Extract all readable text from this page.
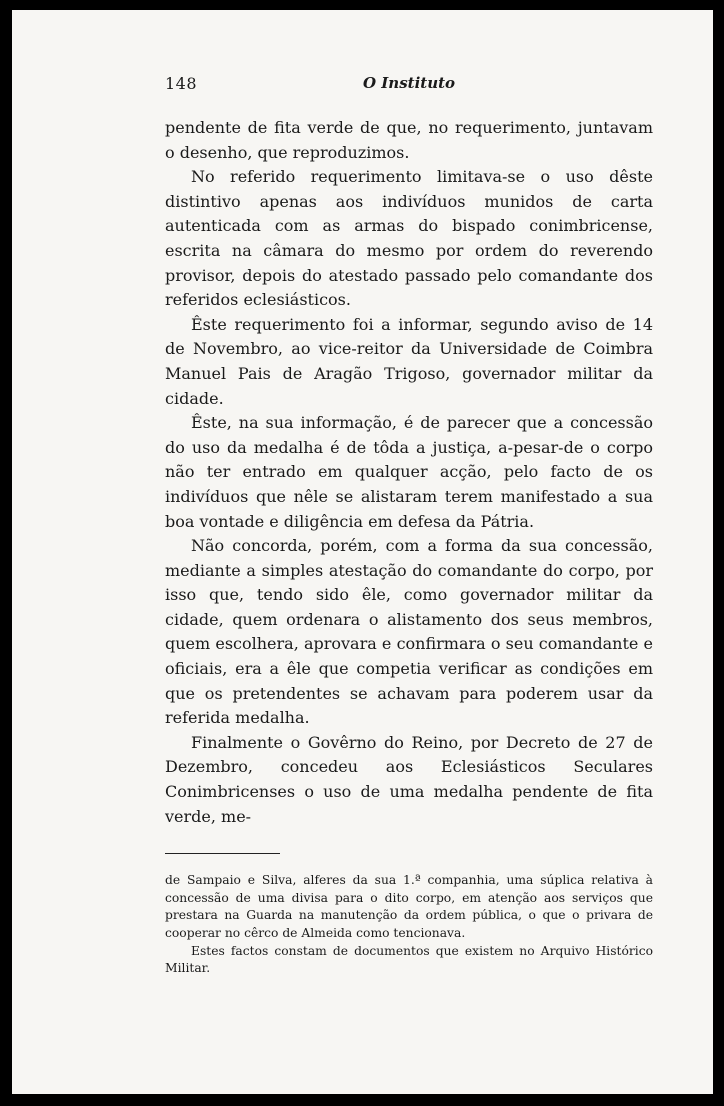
148	O Instituto

pendente de fita verde de que, no requerimento, juntavam o desenho, que reproduzimos.

No referido requerimento limitava-se o uso dêste distintivo apenas aos indivíduos munidos de carta autenticada com as armas do bispado conimbricense, escrita na câmara do mesmo por ordem do reverendo provisor, depois do atestado passado pelo comandante dos referidos eclesiásticos.

Êste requerimento foi a informar, segundo aviso de 14 de Novembro, ao vice-reitor da Universidade de Coimbra Manuel Pais de Aragão Trigoso, governador militar da cidade.

Êste, na sua informação, é de parecer que a concessão do uso da medalha é de tôda a justiça, a-pesar-de o corpo não ter entrado em qualquer acção, pelo facto de os indivíduos que nêle se alistaram terem manifestado a sua boa vontade e diligência em defesa da Pátria.

Não concorda, porém, com a forma da sua concessão, mediante a simples atestação do comandante do corpo, por isso que, tendo sido êle, como governador militar da cidade, quem ordenara o alistamento dos seus membros, quem escolhera, aprovara e confirmara o seu comandante e oficiais, era a êle que competia verificar as condições em que os pretendentes se achavam para poderem usar da referida medalha.

Finalmente o Govêrno do Reino, por Decreto de 27 de Dezembro, concedeu aos Eclesiásticos Seculares Conimbricenses o uso de uma medalha pendente de fita verde, me-

de Sampaio e Silva, alferes da sua 1.ª companhia, uma súplica relativa à concessão de uma divisa para o dito corpo, em atenção aos serviços que prestara na Guarda na manutenção da ordem pública, o que o privara de cooperar no cêrco de Almeida como tencionava.

Estes factos constam de documentos que existem no Arquivo Histórico Militar.
